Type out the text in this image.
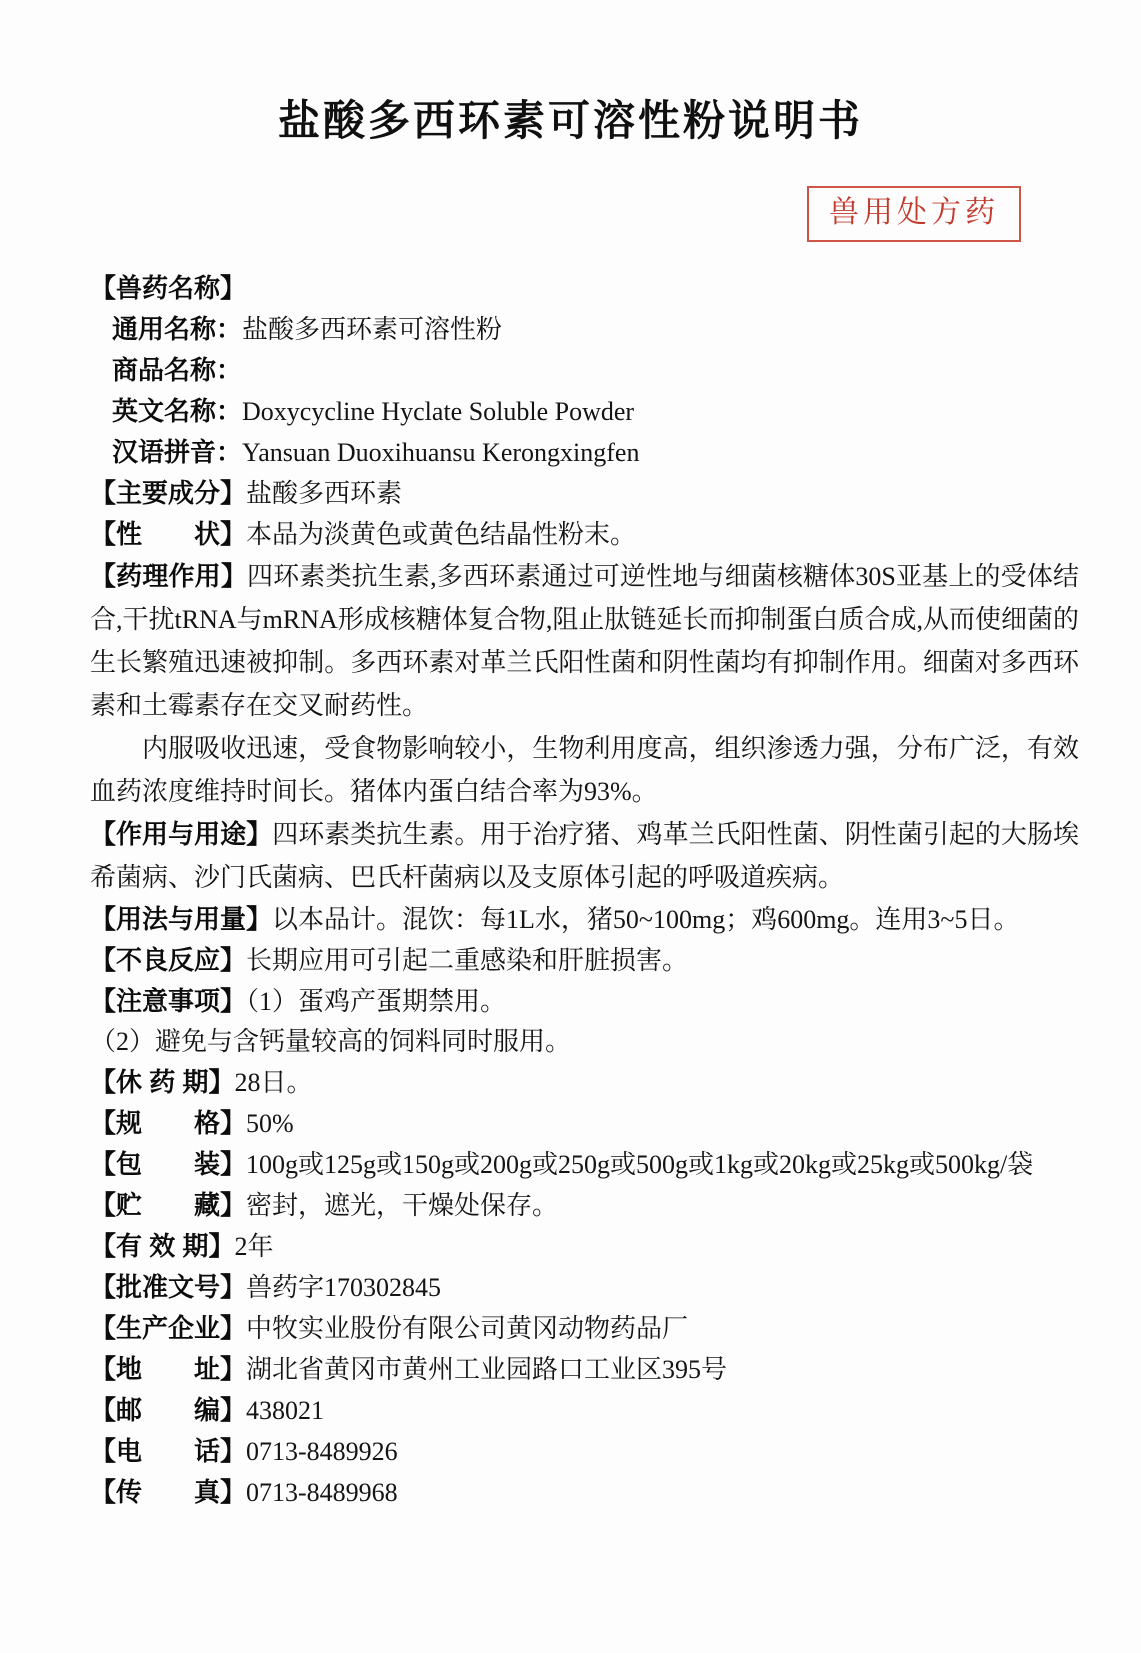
盐酸多西环素可溶性粉说明书
兽用处方药
【兽药名称】
通用名称：盐酸多西环素可溶性粉
商品名称：
英文名称：Doxycycline Hyclate Soluble Powder
汉语拼音：Yansuan Duoxihuansu Kerongxingfen
【主要成分】盐酸多西环素
【性　　状】本品为淡黄色或黄色结晶性粉末。
【药理作用】四环素类抗生素,多西环素通过可逆性地与细菌核糖体30S亚基上的受体结合,干扰tRNA与mRNA形成核糖体复合物,阻止肽链延长而抑制蛋白质合成,从而使细菌的生长繁殖迅速被抑制。多西环素对革兰氏阳性菌和阴性菌均有抑制作用。细菌对多西环素和土霉素存在交叉耐药性。
内服吸收迅速，受食物影响较小，生物利用度高，组织渗透力强，分布广泛，有效血药浓度维持时间长。猪体内蛋白结合率为93%。
【作用与用途】四环素类抗生素。用于治疗猪、鸡革兰氏阳性菌、阴性菌引起的大肠埃希菌病、沙门氏菌病、巴氏杆菌病以及支原体引起的呼吸道疾病。
【用法与用量】以本品计。混饮：每1L水，猪50~100mg；鸡600mg。连用3~5日。
【不良反应】长期应用可引起二重感染和肝脏损害。
【注意事项】（1）蛋鸡产蛋期禁用。
（2）避免与含钙量较高的饲料同时服用。
【休 药 期】28日。
【规　　格】50%
【包　　装】100g或125g或150g或200g或250g或500g或1kg或20kg或25kg或500kg/袋
【贮　　藏】密封，遮光，干燥处保存。
【有 效 期】2年
【批准文号】兽药字170302845
【生产企业】中牧实业股份有限公司黄冈动物药品厂
【地　　址】湖北省黄冈市黄州工业园路口工业区395号
【邮　　编】438021
【电　　话】0713-8489926
【传　　真】0713-8489968
